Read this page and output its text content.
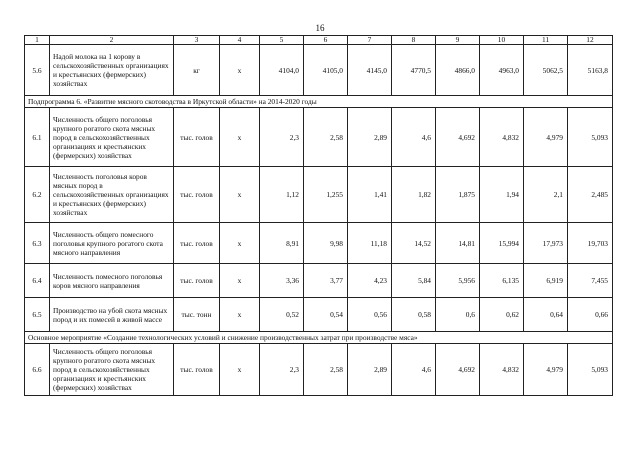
16
1	2	3	4	5	6	7	8	9	10	11	12
5.6	Надой молока на 1 корову в сельскохозяйственных организациях и крестьянских (фермерских) хозяйствах	кг	х	4104,0	4105,0	4145,0	4770,5	4866,0	4963,0	5062,5	5163,8
Подпрограмма 6. «Развитие мясного скотоводства в Иркутской области» на 2014-2020 годы											
6.1	Численность общего поголовья крупного рогатого скота мясных пород в сельскохозяйственных организациях и крестьянских (фермерских) хозяйствах	тыс. голов	х	2,3	2,58	2,89	4,6	4,692	4,832	4,979	5,093
6.2	Численность поголовья коров мясных пород в сельскохозяйственных организациях и крестьянских (фермерских) хозяйствах	тыс. голов	х	1,12	1,255	1,41	1,82	1,875	1,94	2,1	2,485
6.3	Численность общего помесного поголовья крупного рогатого скота мясного направления	тыс. голов	х	8,91	9,98	11,18	14,52	14,81	15,994	17,973	19,703
6.4	Численность помесного поголовья коров мясного направления	тыс. голов	х	3,36	3,77	4,23	5,84	5,956	6,135	6,919	7,455
6.5	Производство на убой скота мясных пород и их помесей в живой массе	тыс. тонн	х	0,52	0,54	0,56	0,58	0,6	0,62	0,64	0,66
Основное мероприятие «Создание технологических условий и снижение производственных затрат при производстве мяса»											
6.6	Численность общего поголовья крупного рогатого скота мясных пород в сельскохозяйственных организациях и крестьянских (фермерских) хозяйствах	тыс. голов	х	2,3	2,58	2,89	4,6	4,692	4,832	4,979	5,093
